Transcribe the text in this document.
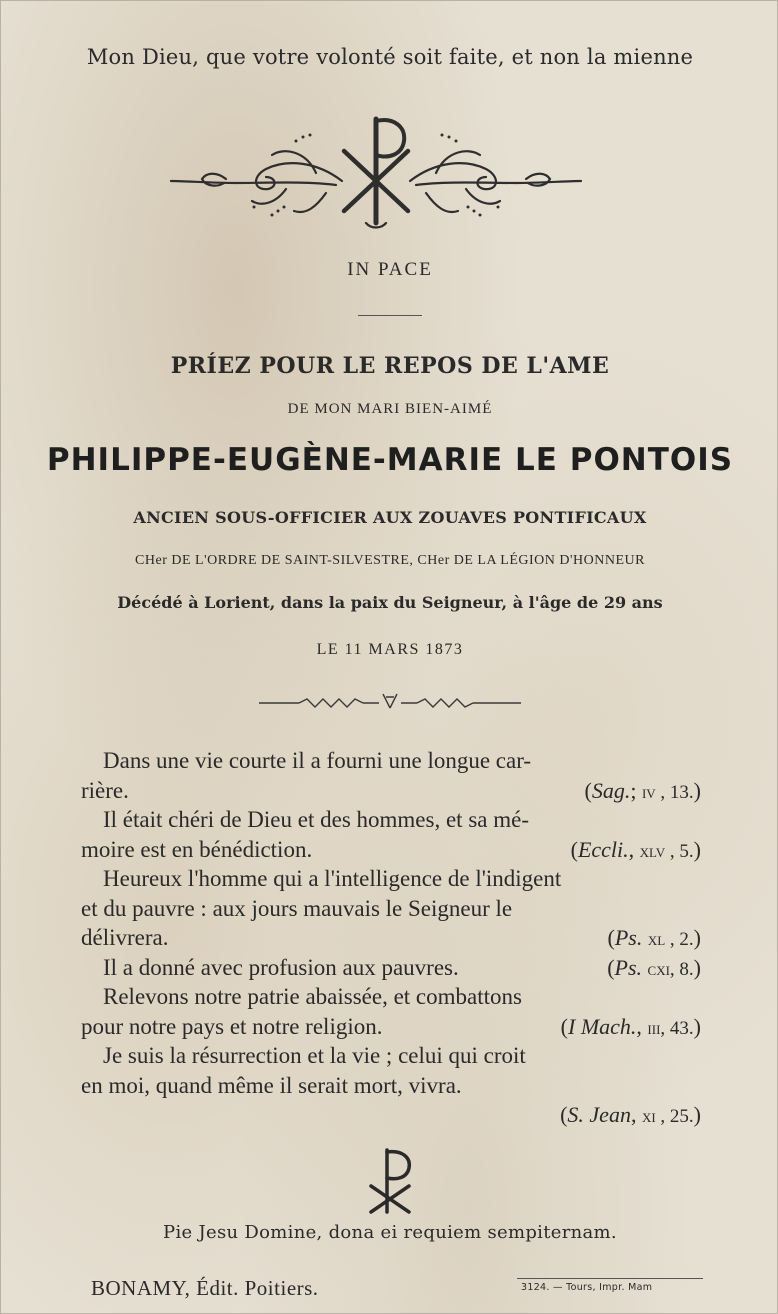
Mon Dieu, que votre volonté soit faite, et non la mienne
IN PACE
PRÍEZ POUR LE REPOS DE L'AME
DE MON MARI BIEN-AIMÉ
PHILIPPE-EUGÈNE-MARIE LE PONTOIS
ANCIEN SOUS-OFFICIER AUX ZOUAVES PONTIFICAUX
CHer DE L'ORDRE DE SAINT-SILVESTRE, CHer DE LA LÉGION D'HONNEUR
Décédé à Lorient, dans la paix du Seigneur, à l'âge de 29 ans
LE 11 MARS 1873
Dans une vie courte il a fourni une longue car-
rière.	(Sag.; iv , 13.)
Il était chéri de Dieu et des hommes, et sa mé-
moire est en bénédiction.	(Eccli., xlv , 5.)
Heureux l'homme qui a l'intelligence de l'indigent
et du pauvre : aux jours mauvais le Seigneur le
délivrera.	(Ps. xl , 2.)
Il a donné avec profusion aux pauvres.	(Ps. cxi, 8.)
Relevons notre patrie abaissée, et combattons
pour notre pays et notre religion.	(I Mach., iii, 43.)
Je suis la résurrection et la vie ; celui qui croit
en moi, quand même il serait mort, vivra.
(S. Jean, xi , 25.)
Pie Jesu Domine, dona ei requiem sempiternam.
BONAMY, Édit. Poitiers.	3124. — Tours, Impr. Mam
